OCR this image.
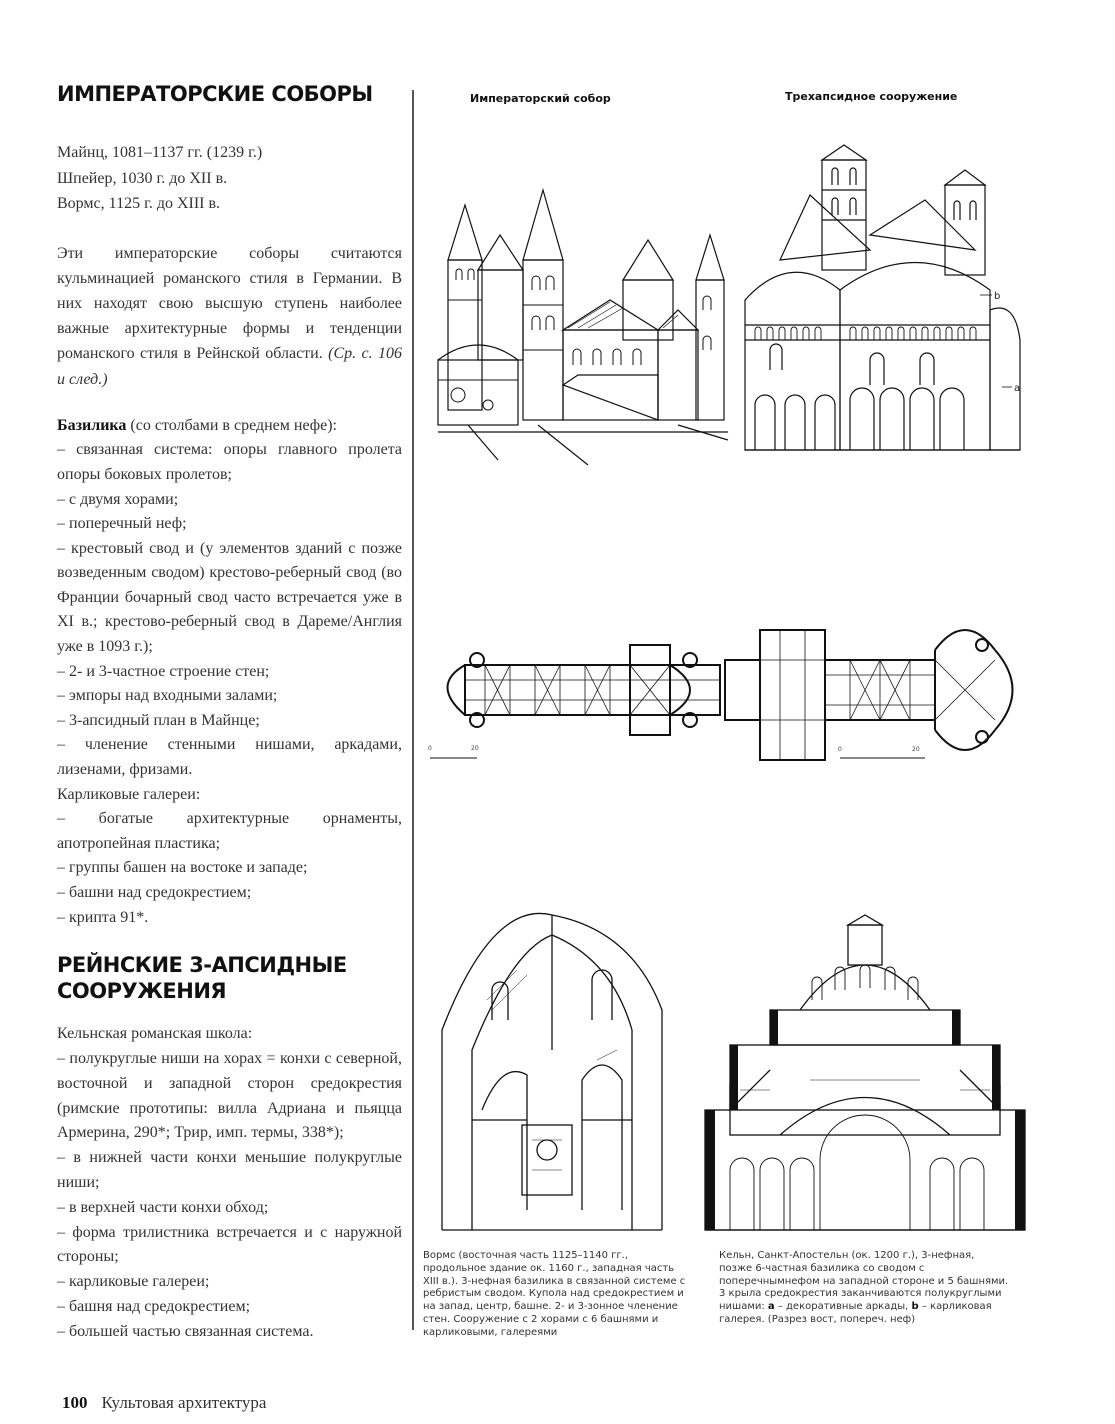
ИМПЕРАТОРСКИЕ СОБОРЫ
Майнц, 1081–1137 гг. (1239 г.)
Шпейер, 1030 г. до XII в.
Вормс, 1125 г. до XIII в.
Эти императорские соборы считаются кульминацией романского стиля в Германии. В них находят свою высшую ступень наиболее важные архитектурные формы и тенденции романского стиля в Рейнской области. (Ср. с. 106 и след.)
Базилика (со столбами в среднем нефе):
– связанная система: опоры главного пролета опоры боковых пролетов;
– с двумя хорами;
– поперечный неф;
– крестовый свод и (у элементов зданий с позже возведенным сводом) крестово-реберный свод (во Франции бочарный свод часто встречается уже в XI в.; крестово-реберный свод в Дареме/Англия уже в 1093 г.);
– 2- и 3-частное строение стен;
– эмпоры над входными залами;
– 3-апсидный план в Майнце;
– членение стенными нишами, аркадами, лизенами, фризами.
Карликовые галереи:
– богатые архитектурные орнаменты, апотропейная пластика;
– группы башен на востоке и западе;
– башни над средокрестием;
– крипта 91*.
РЕЙНСКИЕ 3-АПСИДНЫЕ
СООРУЖЕНИЯ
Кельнская романская школа:
– полукруглые ниши на хорах = конхи с северной, восточной и западной сторон средокрестия (римские прототипы: вилла Адриана и пьяцца Армерина, 290*; Трир, имп. термы, 338*);
– в нижней части конхи меньшие полукруглые ниши;
– в верхней части конхи обход;
– форма трилистника встречается и с наружной стороны;
– карликовые галереи;
– башня над средокрестием;
– большей частью связанная система.
Императорский собор	Трехапсидное сооружение
b
a
0	20	0	20
Вормс (восточная часть 1125–1140 гг., продольное здание ок. 1160 г., западная часть XIII в.). 3-нефная базилика в связанной системе с ребристым сводом. Купола над средокрестием и на запад, центр, башне. 2- и 3-зонное членение стен. Сооружение с 2 хорами с 6 башнями и карликовыми, галереями
Кельн, Санкт-Апостельн (ок. 1200 г.), 3-нефная, позже 6-частная базилика со сводом с поперечнымнефом на западной стороне и 5 башнями. 3 крыла средокрестия заканчиваются полукруглыми нишами: a – декоративные аркады, b – карликовая галерея. (Разрез вост, попереч. неф)
100 Культовая архитектура
